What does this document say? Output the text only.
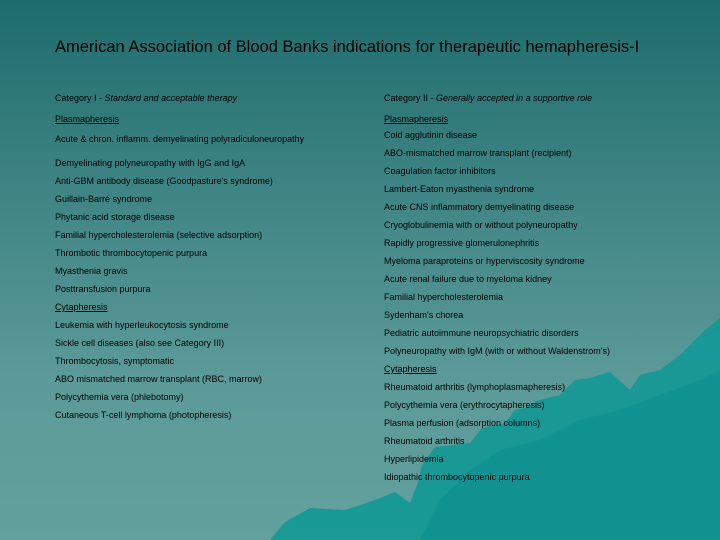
American Association of Blood Banks indications for therapeutic hemapheresis-I
Category I - Standard and acceptable therapy
Plasmapheresis
Acute & chron. inflamm. demyelinating polyradiculoneuropathy
Demyelinating polyneuropathy with IgG and IgA
Anti-GBM antibody disease (Goodpasture's syndrome)
Guillain-Barré syndrome
Phytanic acid storage disease
Familial hypercholesterolemia (selective adsorption)
Thrombotic thrombocytopenic purpura
Myasthenia gravis
Posttransfusion purpura
Cytapheresis
Leukemia with hyperleukocytosis syndrome
Sickle cell diseases (also see Category III)
Thrombocytosis, symptomatic
ABO mismatched marrow transplant (RBC, marrow)
Polycythemia vera (phlebotomy)
Cutaneous T-cell lymphoma (photopheresis)
Category II - Generally accepted in a supportive role
Plasmapheresis
Cold agglutinin disease
ABO-mismatched marrow transplant (recipient)
Coagulation factor inhibitors
Lambert-Eaton myasthenia syndrome
Acute CNS inflammatory demyelinating disease
Cryoglobulinemia with or without polyneuropathy
Rapidly progressive glomerulonephritis
Myeloma paraproteins or hyperviscosity syndrome
Acute renal failure due to myeloma kidney
Familial hypercholesterolemia
Sydenham's chorea
Pediatric autoimmune neuropsychiatric disorders
Polyneuropathy with IgM (with or without Waldenstrom's)
Cytapheresis
Rheumatoid arthritis (lymphoplasmapheresis)
Polycythemia vera (erythrocytapheresis)
Plasma perfusion (adsorption columns)
Rheumatoid arthritis
Hyperlipidemia
Idiopathic thrombocytopenic purpura
